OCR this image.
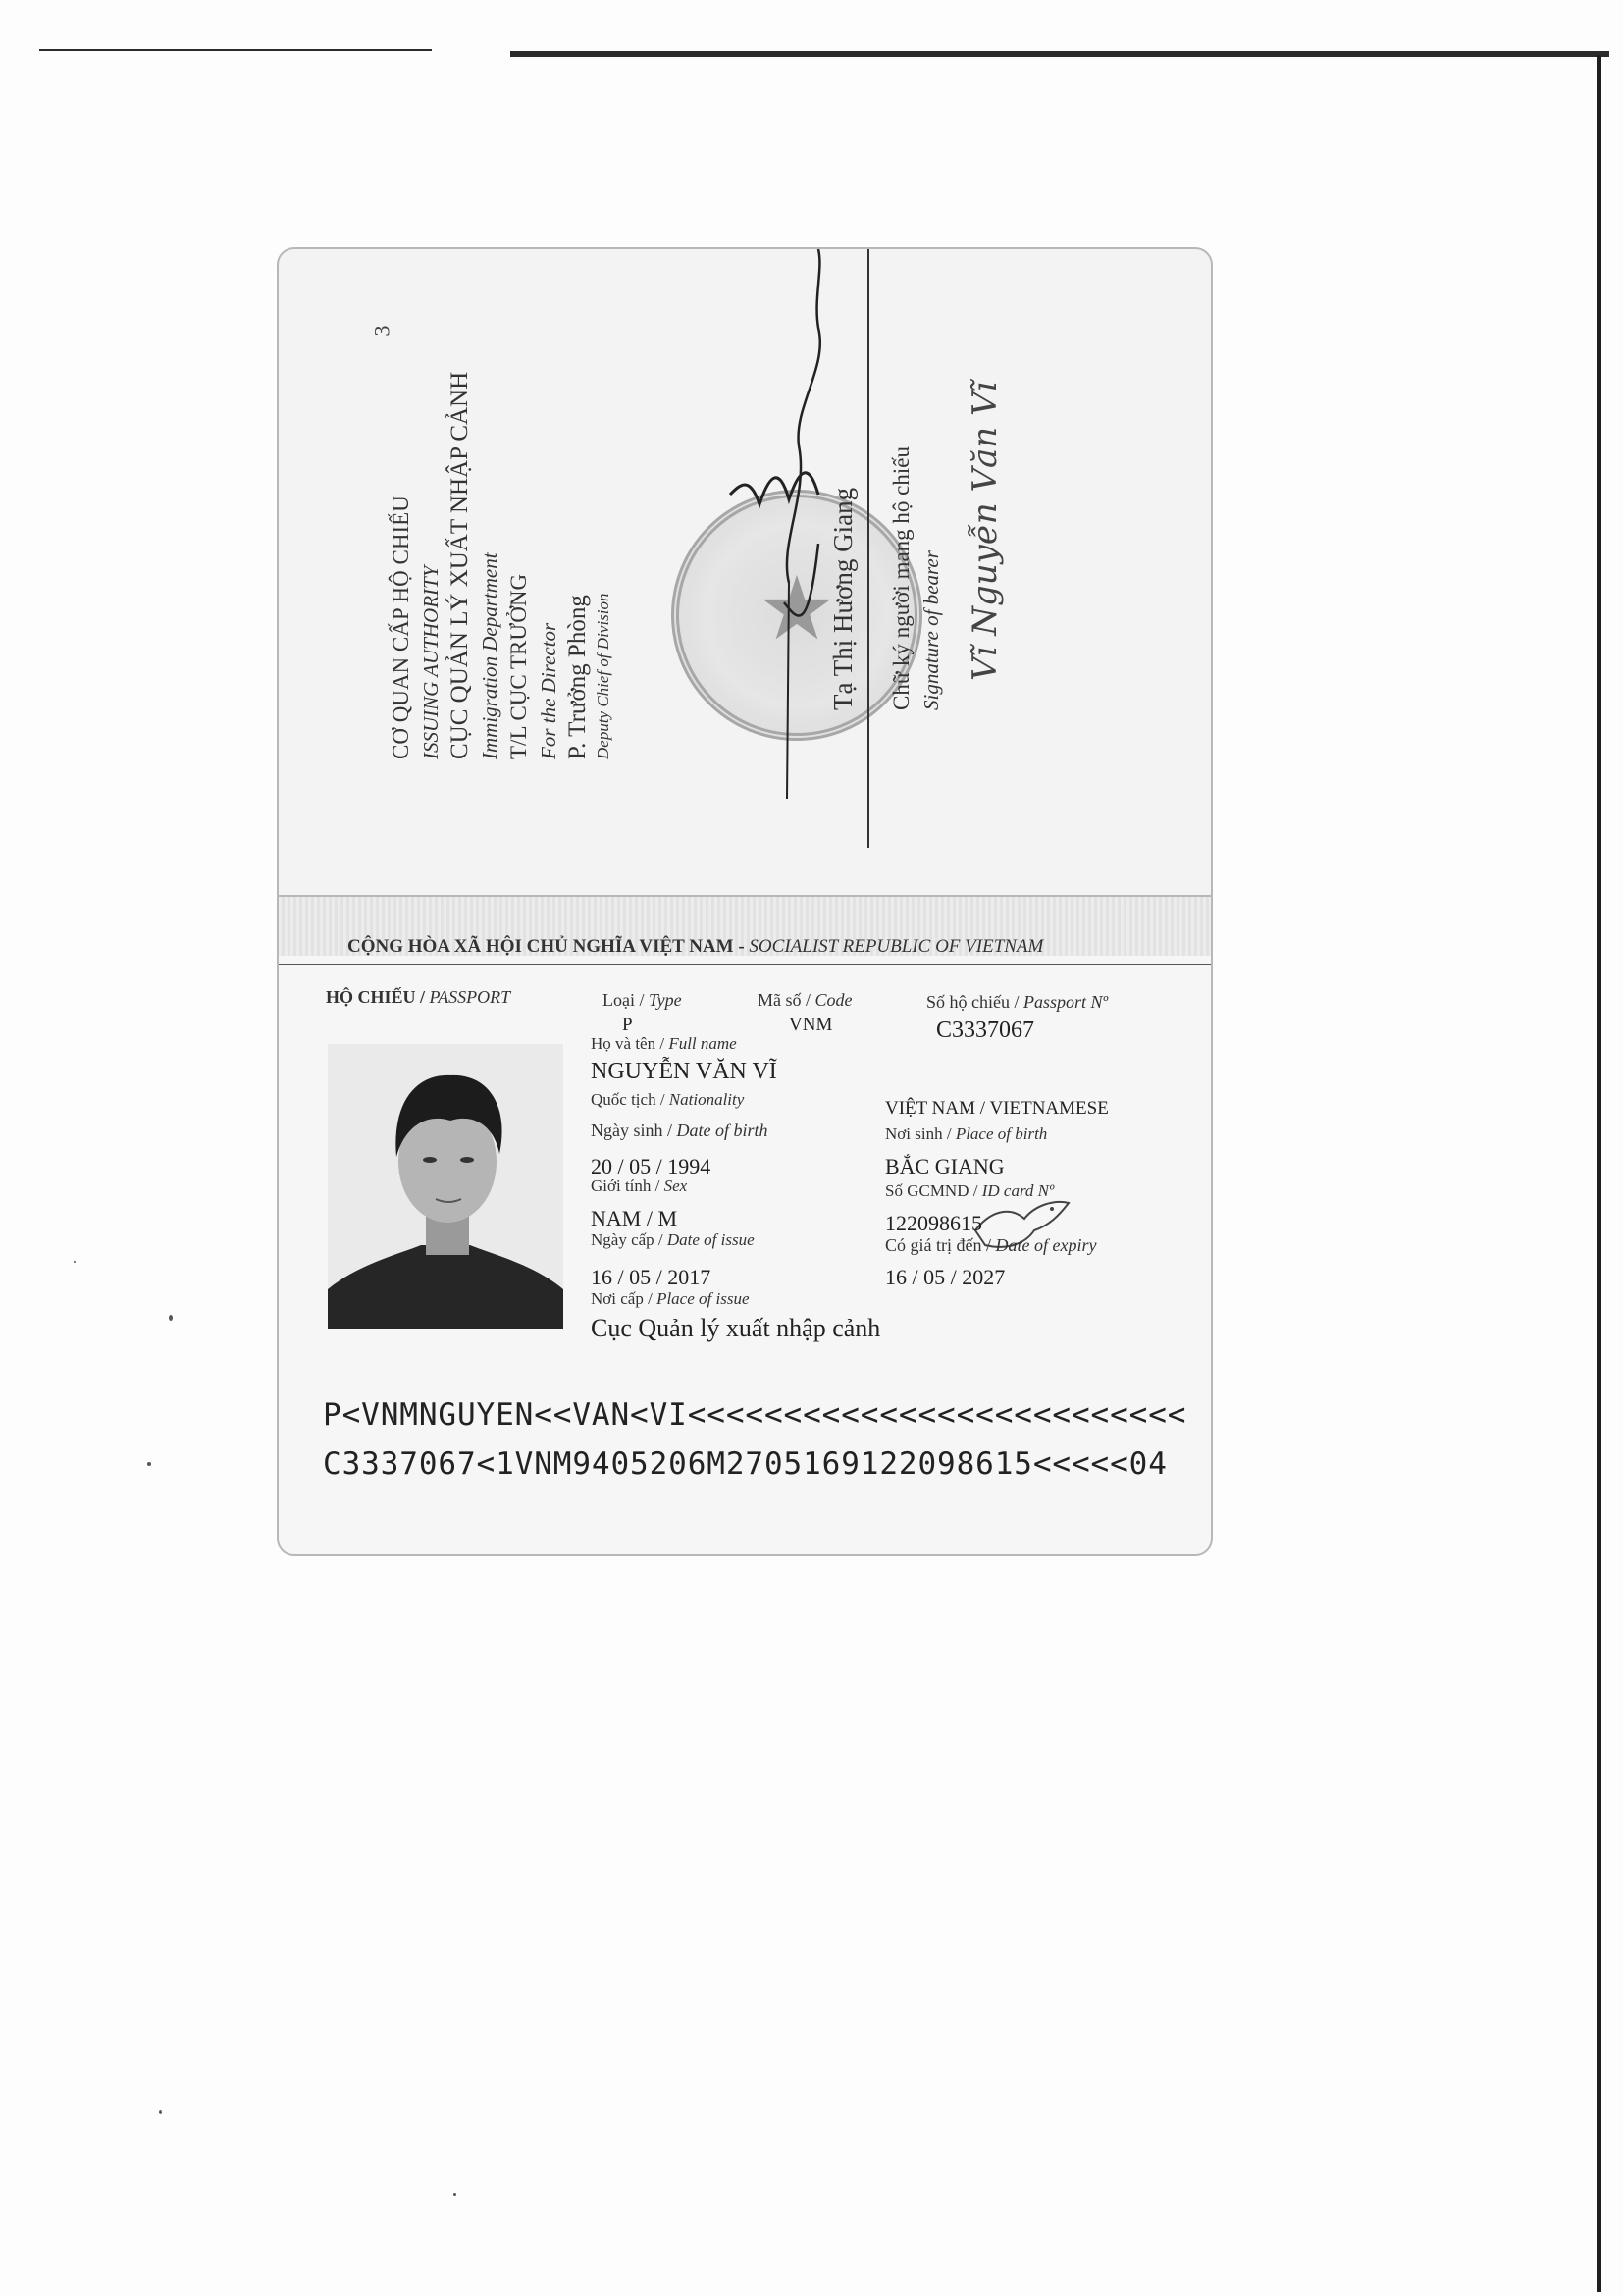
3
★
CƠ QUAN CẤP HỘ CHIẾU ISSUING AUTHORITY CỤC QUẢN LÝ XUẤT NHẬP CẢNH Immigration Department T/L CỤC TRƯỞNG For the Director P. Trưởng Phòng Deputy Chief of Division	Tạ Thị Hương Giang Chữ ký người mang hộ chiếu Signature of bearer Vĩ Nguyễn Văn Vĩ
CỘNG HÒA XÃ HỘI CHỦ NGHĨA VIỆT NAM - SOCIALIST REPUBLIC OF VIETNAM
HỘ CHIẾU / PASSPORT	Loại / Type
P
Mã số / Code
VNM
Số hộ chiếu / Passport Nº
C3337067
Họ và tên / Full name
NGUYỄN VĂN VĨ
Quốc tịch / Nationality	VIỆT NAM / VIETNAMESE
Ngày sinh / Date of birth	Nơi sinh / Place of birth
20 / 05 / 1994	BẮC GIANG
Giới tính / Sex	Số GCMND / ID card Nº
NAM / M	122098615
Ngày cấp / Date of issue	Có giá trị đến / Date of expiry
16 / 05 / 2017	16 / 05 / 2027
Nơi cấp / Place of issue
Cục Quản lý xuất nhập cảnh
P<VNMNGUYEN<<VAN<VI<<<<<<<<<<<<<<<<<<<<<<<<<<
C3337067<1VNM9405206M2705169122098615<<<<<04
